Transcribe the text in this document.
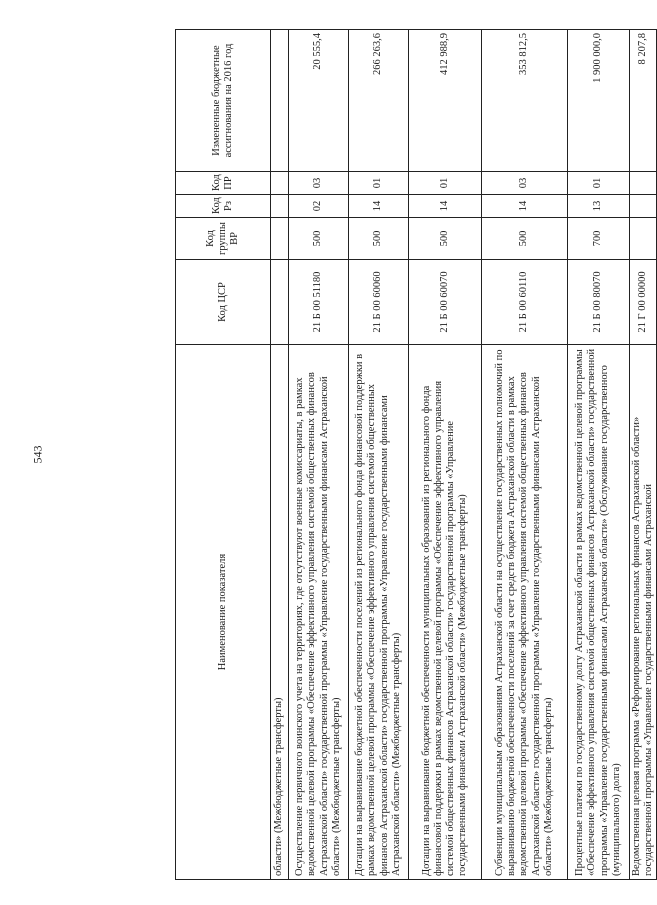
543
Наименование показателя	Код ЦСР	Код группы ВР	Код Рз	Код ПР	Измененные бюджетные ассигнования на 2016 год
области» (Межбюджетные трансферты)					
Осуществление первичного воинского учета на территориях, где отсутствуют военные комиссариаты, в рамках ведомственной целевой программы «Обеспечение эффективного управления системой общественных финансов Астраханской области» государственной программы «Управление государственными финансами Астраханской области» (Межбюджетные трансферты)	21 Б 00 51180	500	02	03	20 555,4
Дотации на выравнивание бюджетной обеспеченности поселений из регионального фонда финансовой поддержки в рамках ведомственной целевой программы «Обеспечение эффективного управления системой общественных финансов Астраханской области» государственной программы «Управление государственными финансами Астраханской области» (Межбюджетные трансферты)	21 Б 00 60060	500	14	01	266 263,6
Дотации на выравнивание бюджетной обеспеченности муниципальных образований из регионального фонда финансовой поддержки в рамках ведомственной целевой программы «Обеспечение эффективного управления системой общественных финансов Астраханской области» государственной программы «Управление государственными финансами Астраханской области» (Межбюджетные трансферты)	21 Б 00 60070	500	14	01	412 988,9
Субвенции муниципальным образованиям Астраханской области на осуществление государственных полномочий по выравниванию бюджетной обеспеченности поселений за счет средств бюджета Астраханской области в рамках ведомственной целевой программы «Обеспечение эффективного управления системой общественных финансов Астраханской области» государственной программы «Управление государственными финансами Астраханской области» (Межбюджетные трансферты)	21 Б 00 60110	500	14	03	353 812,5
Процентные платежи по государственному долгу Астраханской области в рамках ведомственной целевой программы «Обеспечение эффективного управления системой общественных финансов Астраханской области» государственной программы «Управление государственными финансами Астраханской области» (Обслуживание государственного (муниципального) долга)	21 Б 00 80070	700	13	01	1 900 000,0
Ведомственная целевая программа «Реформирование региональных финансов Астраханской области» государственной программы «Управление государственными финансами Астраханской	21 Г 00 00000				8 207,8
